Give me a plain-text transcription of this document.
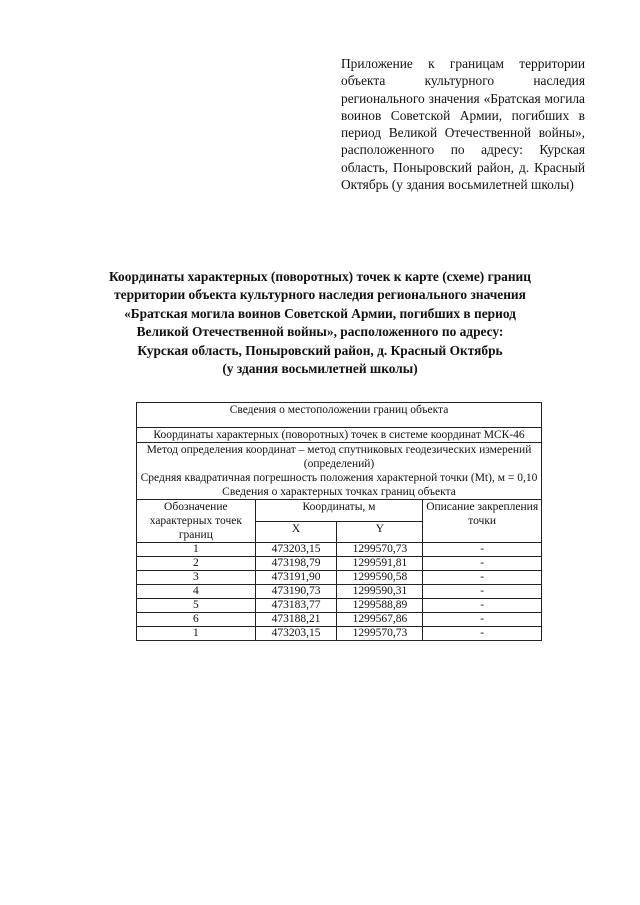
Приложение к границам территории объекта культурного наследия регионального значения «Братская могила воинов Советской Армии, погибших в период Великой Отечественной войны», расположенного по адресу: Курская область, Поныровский район, д. Красный Октябрь (у здания восьмилетней школы)
Координаты характерных (поворотных) точек к карте (схеме) границ
территории объекта культурного наследия регионального значения
«Братская могила воинов Советской Армии, погибших в период
Великой Отечественной войны», расположенного по адресу:
Курская область, Поныровский район, д. Красный Октябрь
(у здания восьмилетней школы)
Сведения о местоположении границ объекта			
Координаты характерных (поворотных) точек в системе координат МСК-46			

Метод определения координат – метод спутниковых геодезических измерений (определений)
Средняя квадратичная погрешность положения характерной точки (Mt), м = 0,10
Сведения о характерных точках границ объекта			

Обозначение характерных точек границ	Координаты, м		Описание закрепления точки
	X	Y	
1	473203,15	1299570,73	-
2	473198,79	1299591,81	-
3	473191,90	1299590,58	-
4	473190,73	1299590,31	-
5	473183,77	1299588,89	-
6	473188,21	1299567,86	-
1	473203,15	1299570,73	-
